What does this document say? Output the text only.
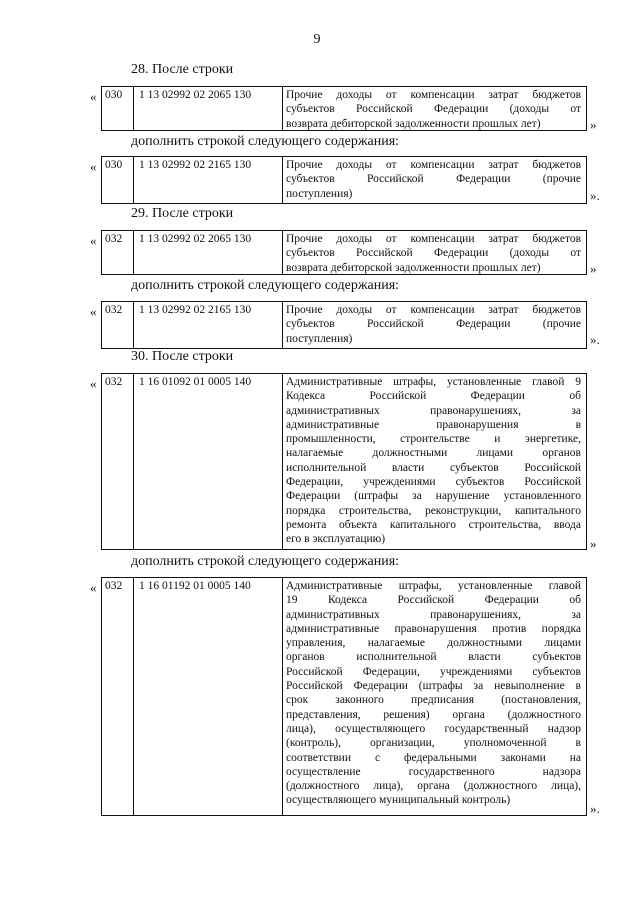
9
28. После строки
« 030	1 13 02992 02 2065 130	Прочие доходы от компенсации затрат бюджетов
субъектов Российской Федерации (доходы от
возврата дебиторской задолженности прошлых лет)	»
дополнить строкой следующего содержания:
« 030	1 13 02992 02 2165 130	Прочие доходы от компенсации затрат бюджетов
субъектов Российской Федерации (прочие
поступления)	».
29. После строки
« 032	1 13 02992 02 2065 130	Прочие доходы от компенсации затрат бюджетов
субъектов Российской Федерации (доходы от
возврата дебиторской задолженности прошлых лет)	»
дополнить строкой следующего содержания:
« 032	1 13 02992 02 2165 130	Прочие доходы от компенсации затрат бюджетов
субъектов Российской Федерации (прочие
поступления)	».
30. После строки
« 032	1 16 01092 01 0005 140	Административные штрафы, установленные главой 9
Кодекса Российской Федерации об
административных правонарушениях, за
административные правонарушения в
промышленности, строительстве и энергетике,
налагаемые должностными лицами органов
исполнительной власти субъектов Российской
Федерации, учреждениями субъектов Российской
Федерации (штрафы за нарушение установленного
порядка строительства, реконструкции, капитального
ремонта объекта капитального строительства, ввода
его в эксплуатацию)	»
дополнить строкой следующего содержания:
« 032	1 16 01192 01 0005 140	Административные штрафы, установленные главой
19 Кодекса Российской Федерации об
административных правонарушениях, за
административные правонарушения против порядка
управления, налагаемые должностными лицами
органов исполнительной власти субъектов
Российской Федерации, учреждениями субъектов
Российской Федерации (штрафы за невыполнение в
срок законного предписания (постановления,
представления, решения) органа (должностного
лица), осуществляющего государственный надзор
(контроль), организации, уполномоченной в
соответствии с федеральными законами на
осуществление государственного надзора
(должностного лица), органа (должностного лица),
осуществляющего муниципальный контроль)
».
